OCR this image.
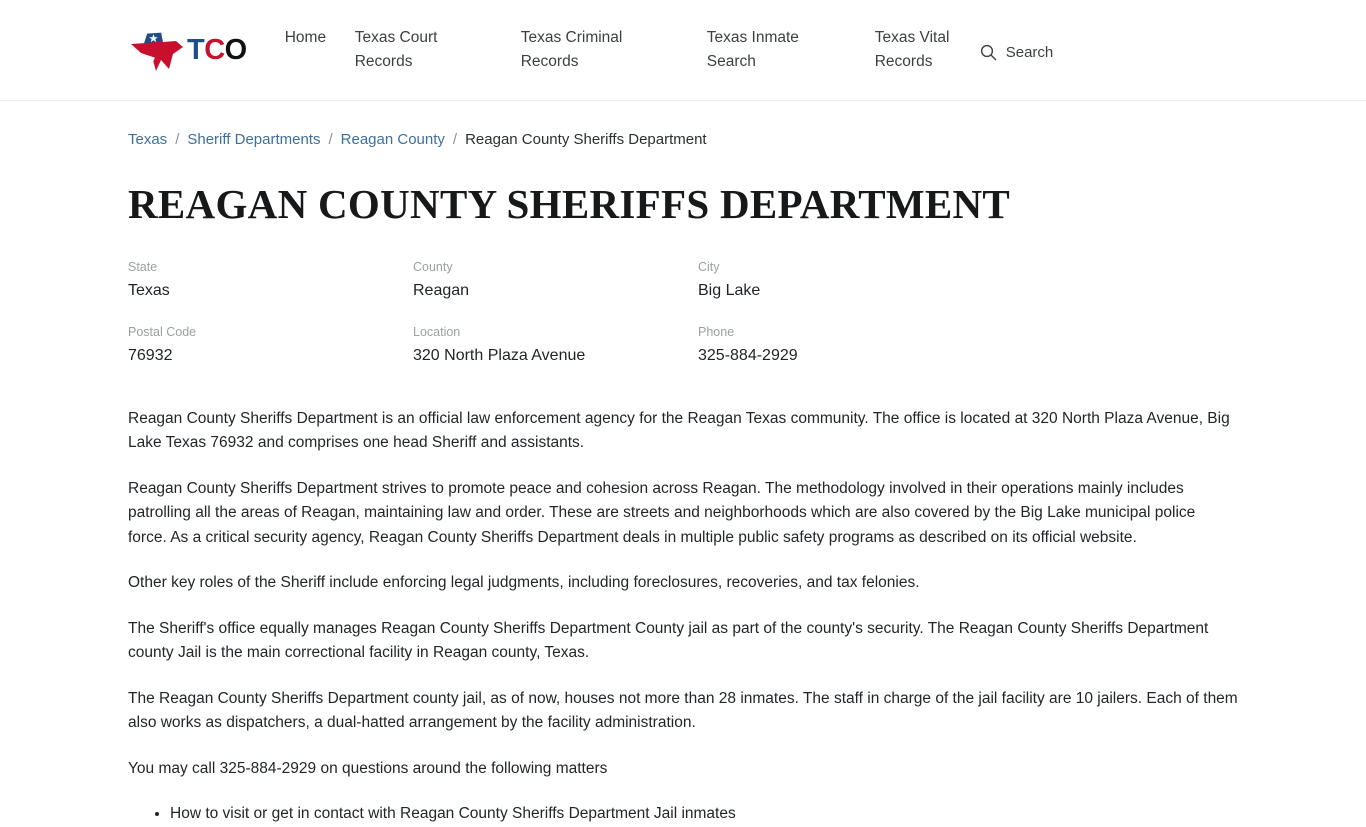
TCO Home	Texas Court Records
Texas Criminal Records
Texas Inmate Search
Texas Vital Records
Search
Texas / Sheriff Departments / Reagan County / Reagan County Sheriffs Department
REAGAN COUNTY SHERIFFS DEPARTMENT
State
Texas
County
Reagan
City
Big Lake
Postal Code
76932
Location
320 North Plaza Avenue
Phone
325-884-2929

Reagan County Sheriffs Department is an official law enforcement agency for the Reagan Texas community. The office is located at 320 North Plaza Avenue, Big Lake Texas 76932 and comprises one head Sheriff and assistants.

Reagan County Sheriffs Department strives to promote peace and cohesion across Reagan. The methodology involved in their operations mainly includes patrolling all the areas of Reagan, maintaining law and order. These are streets and neighborhoods which are also covered by the Big Lake municipal police force. As a critical security agency, Reagan County Sheriffs Department deals in multiple public safety programs as described on its official website.

Other key roles of the Sheriff include enforcing legal judgments, including foreclosures, recoveries, and tax felonies.

The Sheriff's office equally manages Reagan County Sheriffs Department County jail as part of the county's security. The Reagan County Sheriffs Department county Jail is the main correctional facility in Reagan county, Texas.

The Reagan County Sheriffs Department county jail, as of now, houses not more than 28 inmates. The staff in charge of the jail facility are 10 jailers. Each of them also works as dispatchers, a dual-hatted arrangement by the facility administration.

You may call 325-884-2929 on questions around the following matters

• How to visit or get in contact with Reagan County Sheriffs Department Jail inmates
